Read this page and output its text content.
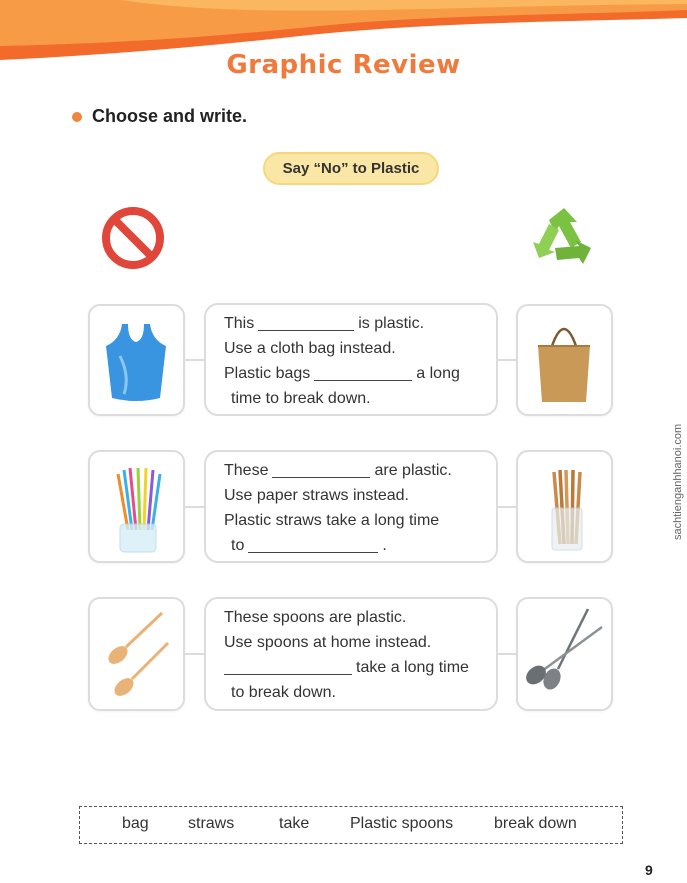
Graphic Review
Choose and write.
Say “No” to Plastic
This	is plastic.
Use a cloth bag instead.
Plastic bags	a long
time to break down.
These	are plastic.
Use paper straws instead.
Plastic straws take a long time
to	.
These spoons are plastic.
Use spoons at home instead.
take a long time
to break down.
bag straws	take	Plastic spoons	break down
sachtienganhhanoi.com
9
